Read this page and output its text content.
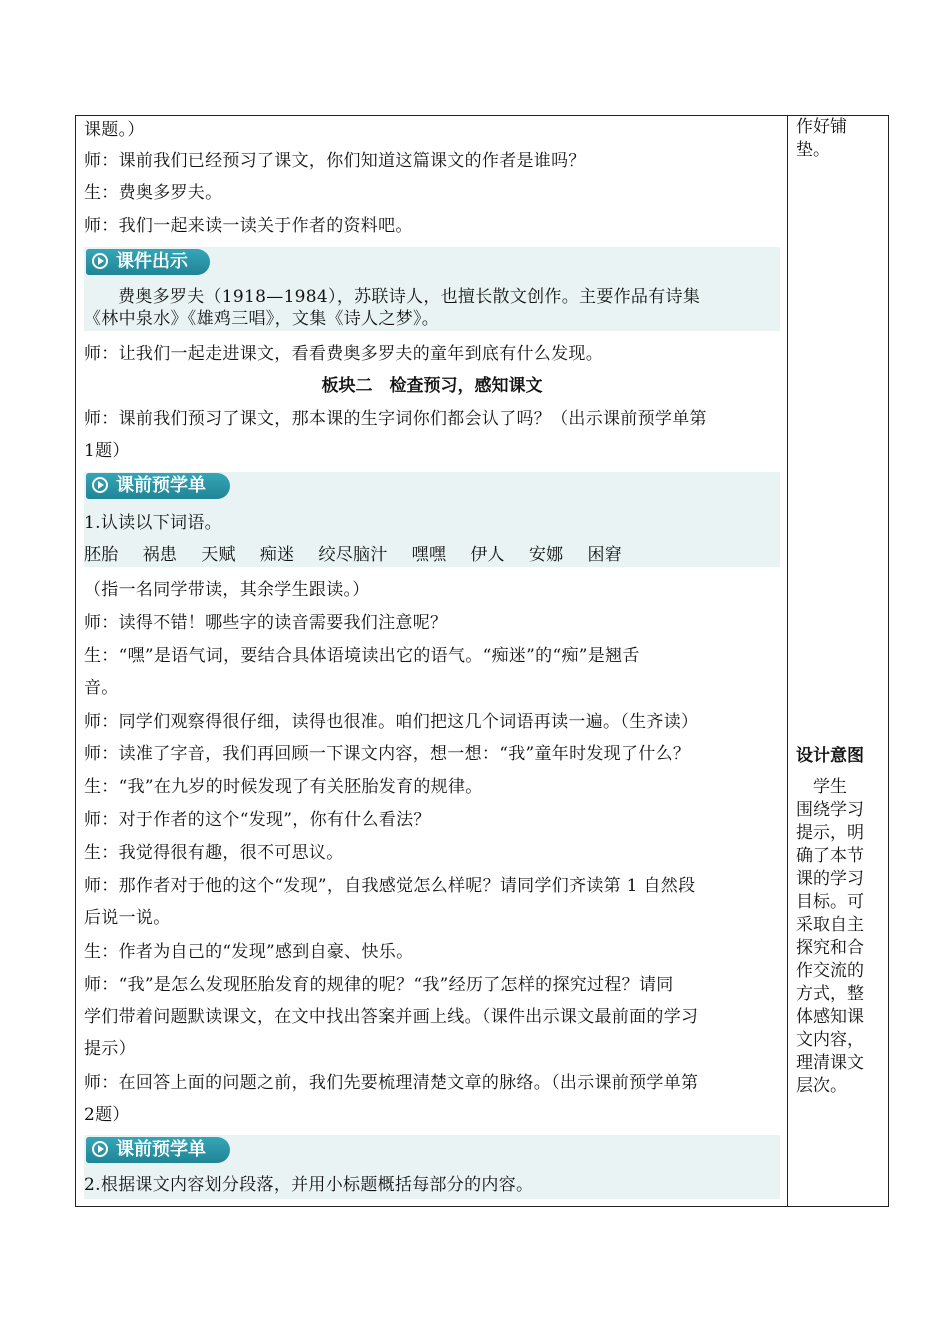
课题。）
师：课前我们已经预习了课文，你们知道这篇课文的作者是谁吗？
生：费奥多罗夫。
师：我们一起来读一读关于作者的资料吧。
课件出示
费奥多罗夫（1918—1984），苏联诗人，也擅长散文创作。主要作品有诗集
《林中泉水》《雄鸡三唱》，文集《诗人之梦》。
师：让我们一起走进课文，看看费奥多罗夫的童年到底有什么发现。
板块二　检查预习，感知课文
师：课前我们预习了课文，那本课的生字词你们都会认了吗？（出示课前预学单第
1题）
课前预学单
1.认读以下词语。
胚胎 祸患 天赋 痴迷 绞尽脑汁 嘿嘿 伊人 安娜 困窘
（指一名同学带读，其余学生跟读。）
师：读得不错！哪些字的读音需要我们注意呢？
生：“嘿”是语气词，要结合具体语境读出它的语气。“痴迷”的“痴”是翘舌
音。
师：同学们观察得很仔细，读得也很准。咱们把这几个词语再读一遍。（生齐读）
师：读准了字音，我们再回顾一下课文内容，想一想：“我”童年时发现了什么？
生：“我”在九岁的时候发现了有关胚胎发育的规律。
师：对于作者的这个“发现”，你有什么看法？
生：我觉得很有趣，很不可思议。
师：那作者对于他的这个“发现”，自我感觉怎么样呢？请同学们齐读第 1 自然段
后说一说。
生：作者为自己的“发现”感到自豪、快乐。
师：“我”是怎么发现胚胎发育的规律的呢？“我”经历了怎样的探究过程？请同
学们带着问题默读课文，在文中找出答案并画上线。（课件出示课文最前面的学习
提示）
师：在回答上面的问题之前，我们先要梳理清楚文章的脉络。（出示课前预学单第
2题）
课前预学单
2.根据课文内容划分段落，并用小标题概括每部分的内容。
作好铺
垫。
设计意图
　学生
围绕学习
提示，明
确了本节
课的学习
目标。可
采取自主
探究和合
作交流的
方式，整
体感知课
文内容，
理清课文
层次。
